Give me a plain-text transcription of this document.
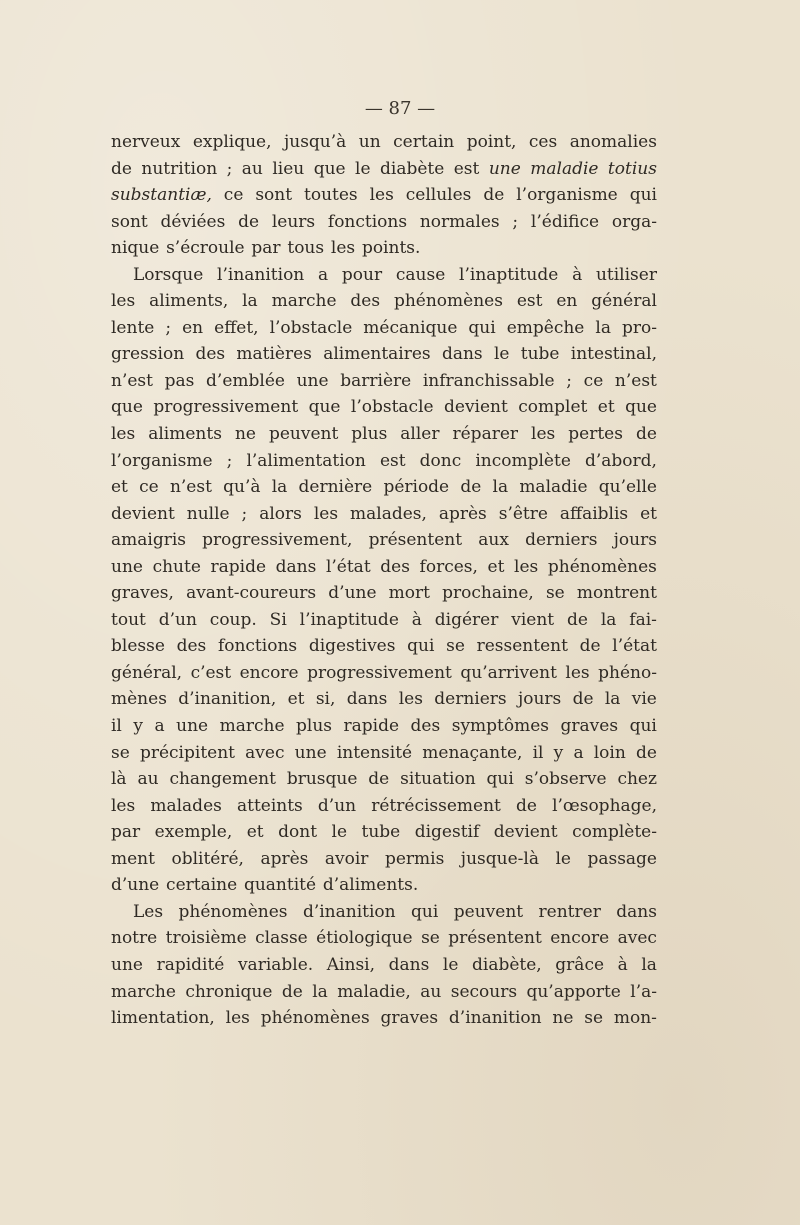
— 87 —
nerveux explique, jusqu’à un certain point, ces anomalies
de nutrition ; au lieu que le diabète est une maladie totius
substantiæ, ce sont toutes les cellules de l’organisme qui
sont déviées de leurs fonctions normales ; l’édifice orga-
nique s’écroule par tous les points.
Lorsque l’inanition a pour cause l’inaptitude à utiliser
les aliments, la marche des phénomènes est en général
lente ; en effet, l’obstacle mécanique qui empêche la pro-
gression des matières alimentaires dans le tube intestinal,
n’est pas d’emblée une barrière infranchissable ; ce n’est
que progressivement que l’obstacle devient complet et que
les aliments ne peuvent plus aller réparer les pertes de
l’organisme ; l’alimentation est donc incomplète d’abord,
et ce n’est qu’à la dernière période de la maladie qu’elle
devient nulle ; alors les malades, après s’être affaiblis et
amaigris progressivement, présentent aux derniers jours
une chute rapide dans l’état des forces, et les phénomènes
graves, avant-coureurs d’une mort prochaine, se montrent
tout d’un coup. Si l’inaptitude à digérer vient de la fai-
blesse des fonctions digestives qui se ressentent de l’état
général, c’est encore progressivement qu’arrivent les phéno-
mènes d’inanition, et si, dans les derniers jours de la vie
il y a une marche plus rapide des symptômes graves qui
se précipitent avec une intensité menaçante, il y a loin de
là au changement brusque de situation qui s’observe chez
les malades atteints d’un rétrécissement de l’œsophage,
par exemple, et dont le tube digestif devient complète-
ment oblitéré, après avoir permis jusque-là le passage
d’une certaine quantité d’aliments.
Les phénomènes d’inanition qui peuvent rentrer dans
notre troisième classe étiologique se présentent encore avec
une rapidité variable. Ainsi, dans le diabète, grâce à la
marche chronique de la maladie, au secours qu’apporte l’a-
limentation, les phénomènes graves d’inanition ne se mon-
